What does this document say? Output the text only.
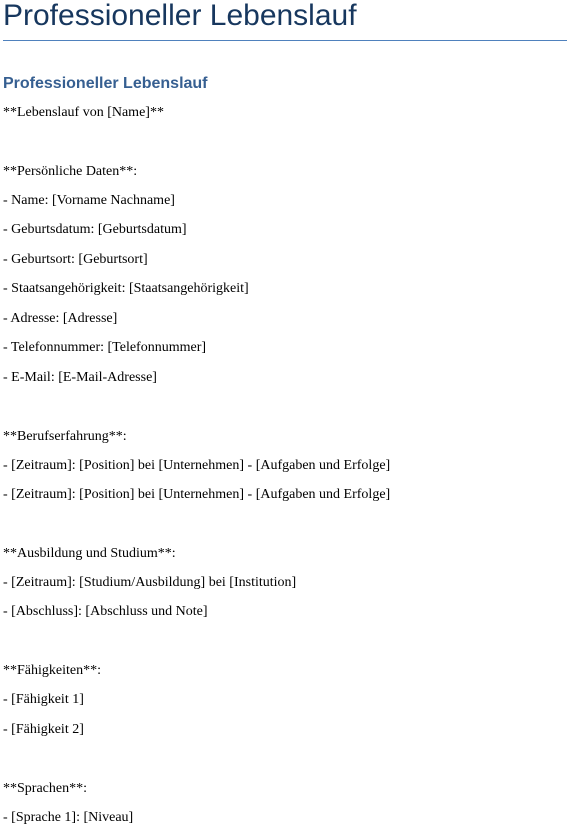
Professioneller Lebenslauf
Professioneller Lebenslauf

**Lebenslauf von [Name]**

**Persönliche Daten**:

- Name: [Vorname Nachname]

- Geburtsdatum: [Geburtsdatum]

- Geburtsort: [Geburtsort]

- Staatsangehörigkeit: [Staatsangehörigkeit]

- Adresse: [Adresse]

- Telefonnummer: [Telefonnummer]

- E-Mail: [E-Mail-Adresse]

**Berufserfahrung**:

- [Zeitraum]: [Position] bei [Unternehmen] - [Aufgaben und Erfolge]

- [Zeitraum]: [Position] bei [Unternehmen] - [Aufgaben und Erfolge]

**Ausbildung und Studium**:

- [Zeitraum]: [Studium/Ausbildung] bei [Institution]

- [Abschluss]: [Abschluss und Note]

**Fähigkeiten**:

- [Fähigkeit 1]

- [Fähigkeit 2]

**Sprachen**:

- [Sprache 1]: [Niveau]
